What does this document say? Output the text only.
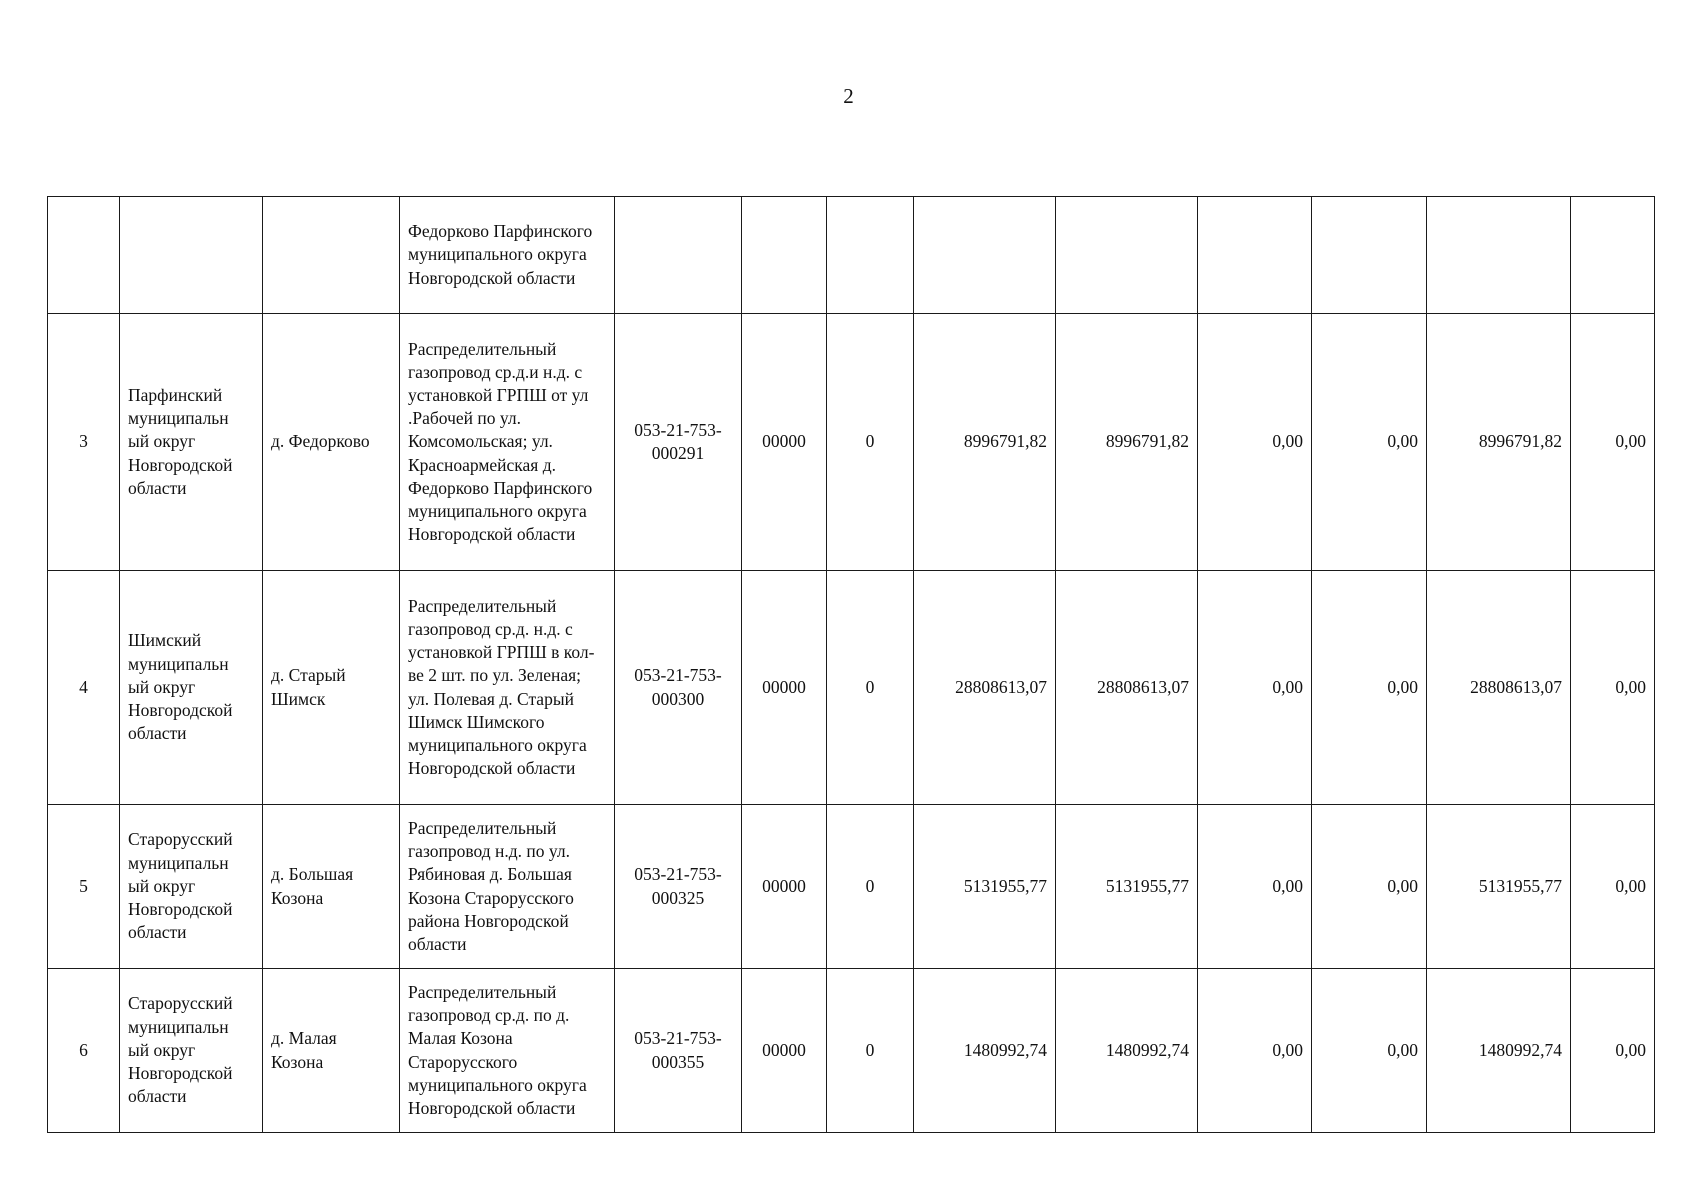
2
			Федорково Парфинского муниципального округа Новгородской области									
3	Парфинский муниципальн ый округ Новгородской области	д. Федорково	Распределительный газопровод ср.д.и н.д. с установкой ГРПШ от ул .Рабочей по ул. Комсомольская; ул. Красноармейская д. Федорково Парфинского муниципального округа Новгородской области	053-21-753-000291	00000	0	8996791,82	8996791,82	0,00	0,00	8996791,82	0,00
4	Шимский муниципальн ый округ Новгородской области	д. Старый Шимск	Распределительный газопровод ср.д. н.д. с установкой ГРПШ в кол-ве 2 шт. по ул. Зеленая; ул. Полевая д. Старый Шимск Шимского муниципального округа Новгородской области	053-21-753-000300	00000	0	28808613,07	28808613,07	0,00	0,00	28808613,07	0,00
5	Старорусский муниципальн ый округ Новгородской области	д. Большая Козона	Распределительный газопровод н.д. по ул. Рябиновая д. Большая Козона Старорусского района Новгородской области	053-21-753-000325	00000	0	5131955,77	5131955,77	0,00	0,00	5131955,77	0,00
6	Старорусский муниципальн ый округ Новгородской области	д. Малая Козона	Распределительный газопровод ср.д. по д. Малая Козона Старорусского муниципального округа Новгородской области	053-21-753-000355	00000	0	1480992,74	1480992,74	0,00	0,00	1480992,74	0,00
